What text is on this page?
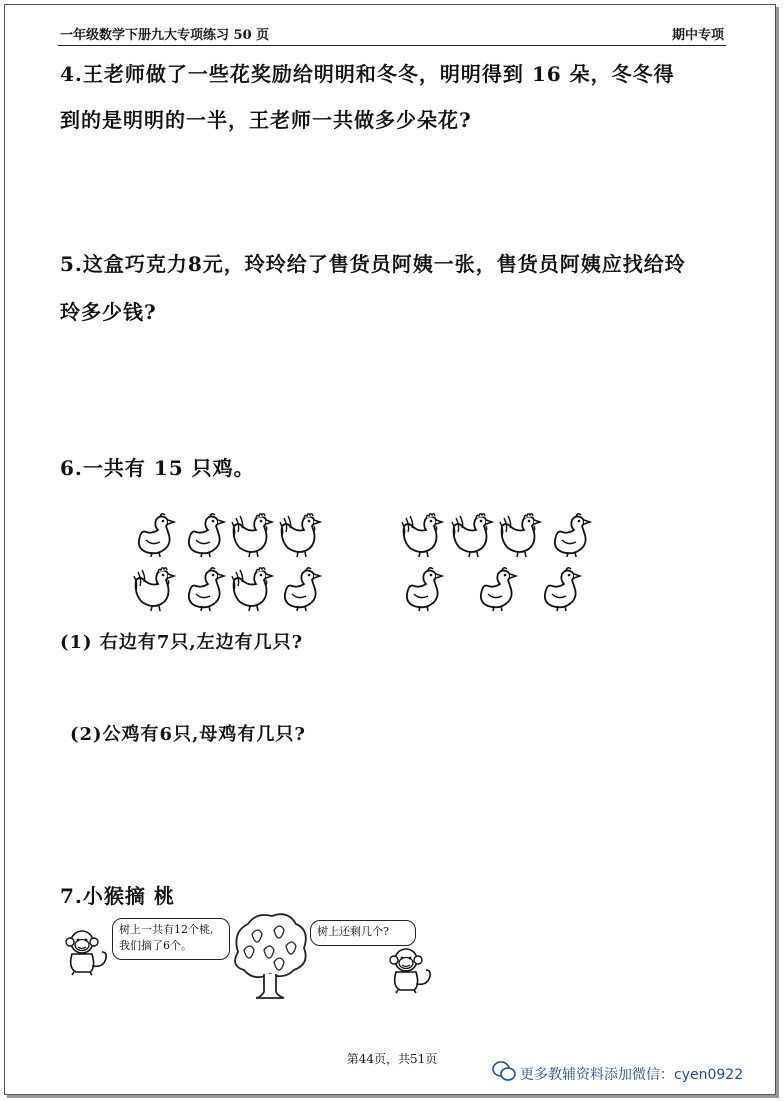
一年级数学下册九大专项练习 50 页	期中专项
4.王老师做了一些花奖励给明明和冬冬，明明得到 16 朵，冬冬得
到的是明明的一半，王老师一共做多少朵花?
5.这盒巧克力8元，玲玲给了售货员阿姨一张，售货员阿姨应找给玲
玲多少钱?
6.一共有 15 只鸡。
(1) 右边有7只,左边有几只?
(2)公鸡有6只,母鸡有几只?
7.小猴摘 桃
树上一共有12个桃,
我们摘了6个。
树上还剩几个?
第44页，共51页
更多教辅资料添加微信：cyen0922
